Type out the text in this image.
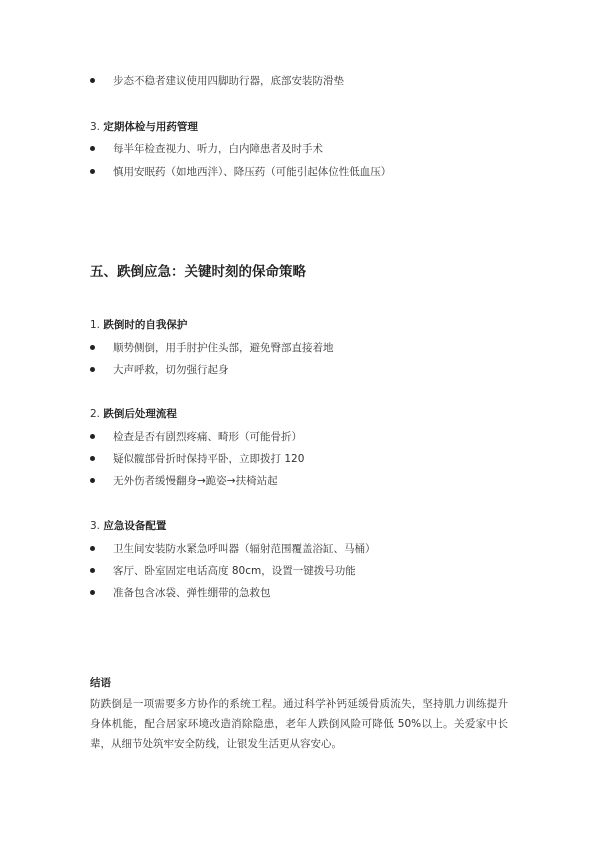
步态不稳者建议使用四脚助行器，底部安装防滑垫
3. 定期体检与用药管理
每半年检查视力、听力，白内障患者及时手术
慎用安眠药（如地西泮）、降压药（可能引起体位性低血压）
五、跌倒应急：关键时刻的保命策略
1. 跌倒时的自我保护
顺势侧倒，用手肘护住头部，避免臀部直接着地
大声呼救，切勿强行起身
2. 跌倒后处理流程
检查是否有剧烈疼痛、畸形（可能骨折）
疑似髋部骨折时保持平卧，立即拨打 120
无外伤者缓慢翻身→跪姿→扶椅站起
3. 应急设备配置
卫生间安装防水紧急呼叫器（辐射范围覆盖浴缸、马桶）
客厅、卧室固定电话高度 80cm，设置一键拨号功能
准备包含冰袋、弹性绷带的急救包
结语
防跌倒是一项需要多方协作的系统工程。通过科学补钙延缓骨质流失，坚持肌力训练提升身体机能，配合居家环境改造消除隐患，老年人跌倒风险可降低 50%以上。关爱家中长辈，从细节处筑牢安全防线，让银发生活更从容安心。
